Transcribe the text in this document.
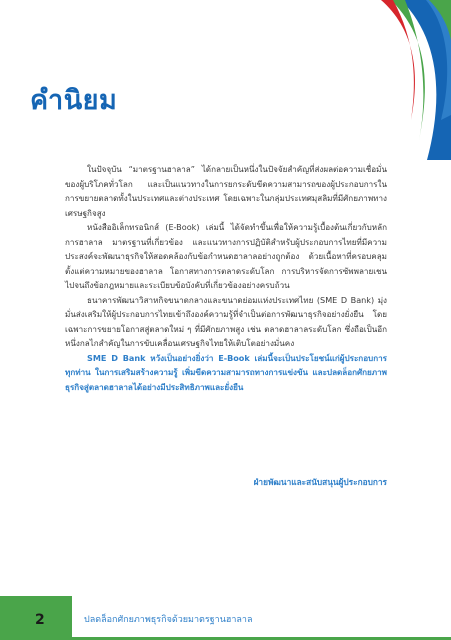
คำนิยม

ในปัจจุบัน “มาตรฐานฮาลาล” ได้กลายเป็นหนึ่งในปัจจัยสำคัญที่ส่งผลต่อความเชื่อมั่นของผู้บริโภคทั่วโลก และเป็นแนวทางในการยกระดับขีดความสามารถของผู้ประกอบการในการขยายตลาดทั้งในประเทศและต่างประเทศ โดยเฉพาะในกลุ่มประเทศมุสลิมที่มีศักยภาพทางเศรษฐกิจสูง

หนังสืออิเล็กทรอนิกส์ (E-Book) เล่มนี้ ได้จัดทำขึ้นเพื่อให้ความรู้เบื้องต้นเกี่ยวกับหลักการฮาลาล มาตรฐานที่เกี่ยวข้อง และแนวทางการปฏิบัติสำหรับผู้ประกอบการไทยที่มีความประสงค์จะพัฒนาธุรกิจให้สอดคล้องกับข้อกำหนดฮาลาลอย่างถูกต้อง ด้วยเนื้อหาที่ครอบคลุมตั้งแต่ความหมายของฮาลาล โอกาสทางการตลาดระดับโลก การบริหารจัดการซัพพลายเชน ไปจนถึงข้อกฎหมายและระเบียบข้อบังคับที่เกี่ยวข้องอย่างครบถ้วน

ธนาคารพัฒนาวิสาหกิจขนาดกลางและขนาดย่อมแห่งประเทศไทย (SME D Bank) มุ่งมั่นส่งเสริมให้ผู้ประกอบการไทยเข้าถึงองค์ความรู้ที่จำเป็นต่อการพัฒนาธุรกิจอย่างยั่งยืน โดยเฉพาะการขยายโอกาสสู่ตลาดใหม่ ๆ ที่มีศักยภาพสูง เช่น ตลาดฮาลาลระดับโลก ซึ่งถือเป็นอีกหนึ่งกลไกสำคัญในการขับเคลื่อนเศรษฐกิจไทยให้เติบโตอย่างมั่นคง

SME D Bank หวังเป็นอย่างยิ่งว่า E-Book เล่มนี้จะเป็นประโยชน์แก่ผู้ประกอบการทุกท่าน ในการเสริมสร้างความรู้ เพิ่มขีดความสามารถทางการแข่งขัน และปลดล็อกศักยภาพธุรกิจสู่ตลาดฮาลาลได้อย่างมีประสิทธิภาพและยั่งยืน

ฝ่ายพัฒนาและสนับสนุนผู้ประกอบการ
2	ปลดล็อกศักยภาพธุรกิจด้วยมาตรฐานฮาลาล
